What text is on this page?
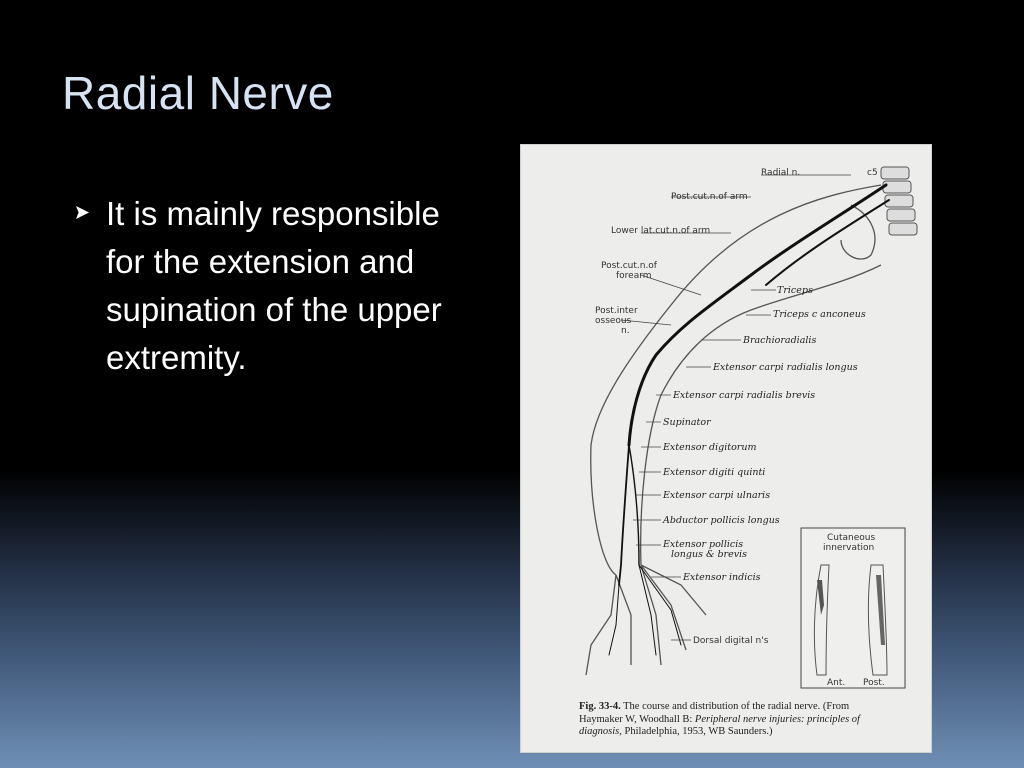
Radial Nerve
It is mainly responsible for the extension and supination of the upper extremity.
Radial n.	c5
Post.cut.n.of arm
Lower lat.cut.n.of arm
Post.cut.n.of
forearm
Post.inter
osseous
n.
Triceps
Triceps c anconeus
Brachioradialis
Extensor carpi radialis longus
Extensor carpi radialis brevis
Supinator
Extensor digitorum
Extensor digiti quinti
Extensor carpi ulnaris
Abductor pollicis longus
Extensor pollicis
longus & brevis
Extensor indicis
Dorsal digital n's
Cutaneous
innervation
Ant. Post.
Fig. 33-4. The course and distribution of the radial nerve. (From
Haymaker W, Woodhall B: Peripheral nerve injuries: principles of
diagnosis, Philadelphia, 1953, WB Saunders.)
